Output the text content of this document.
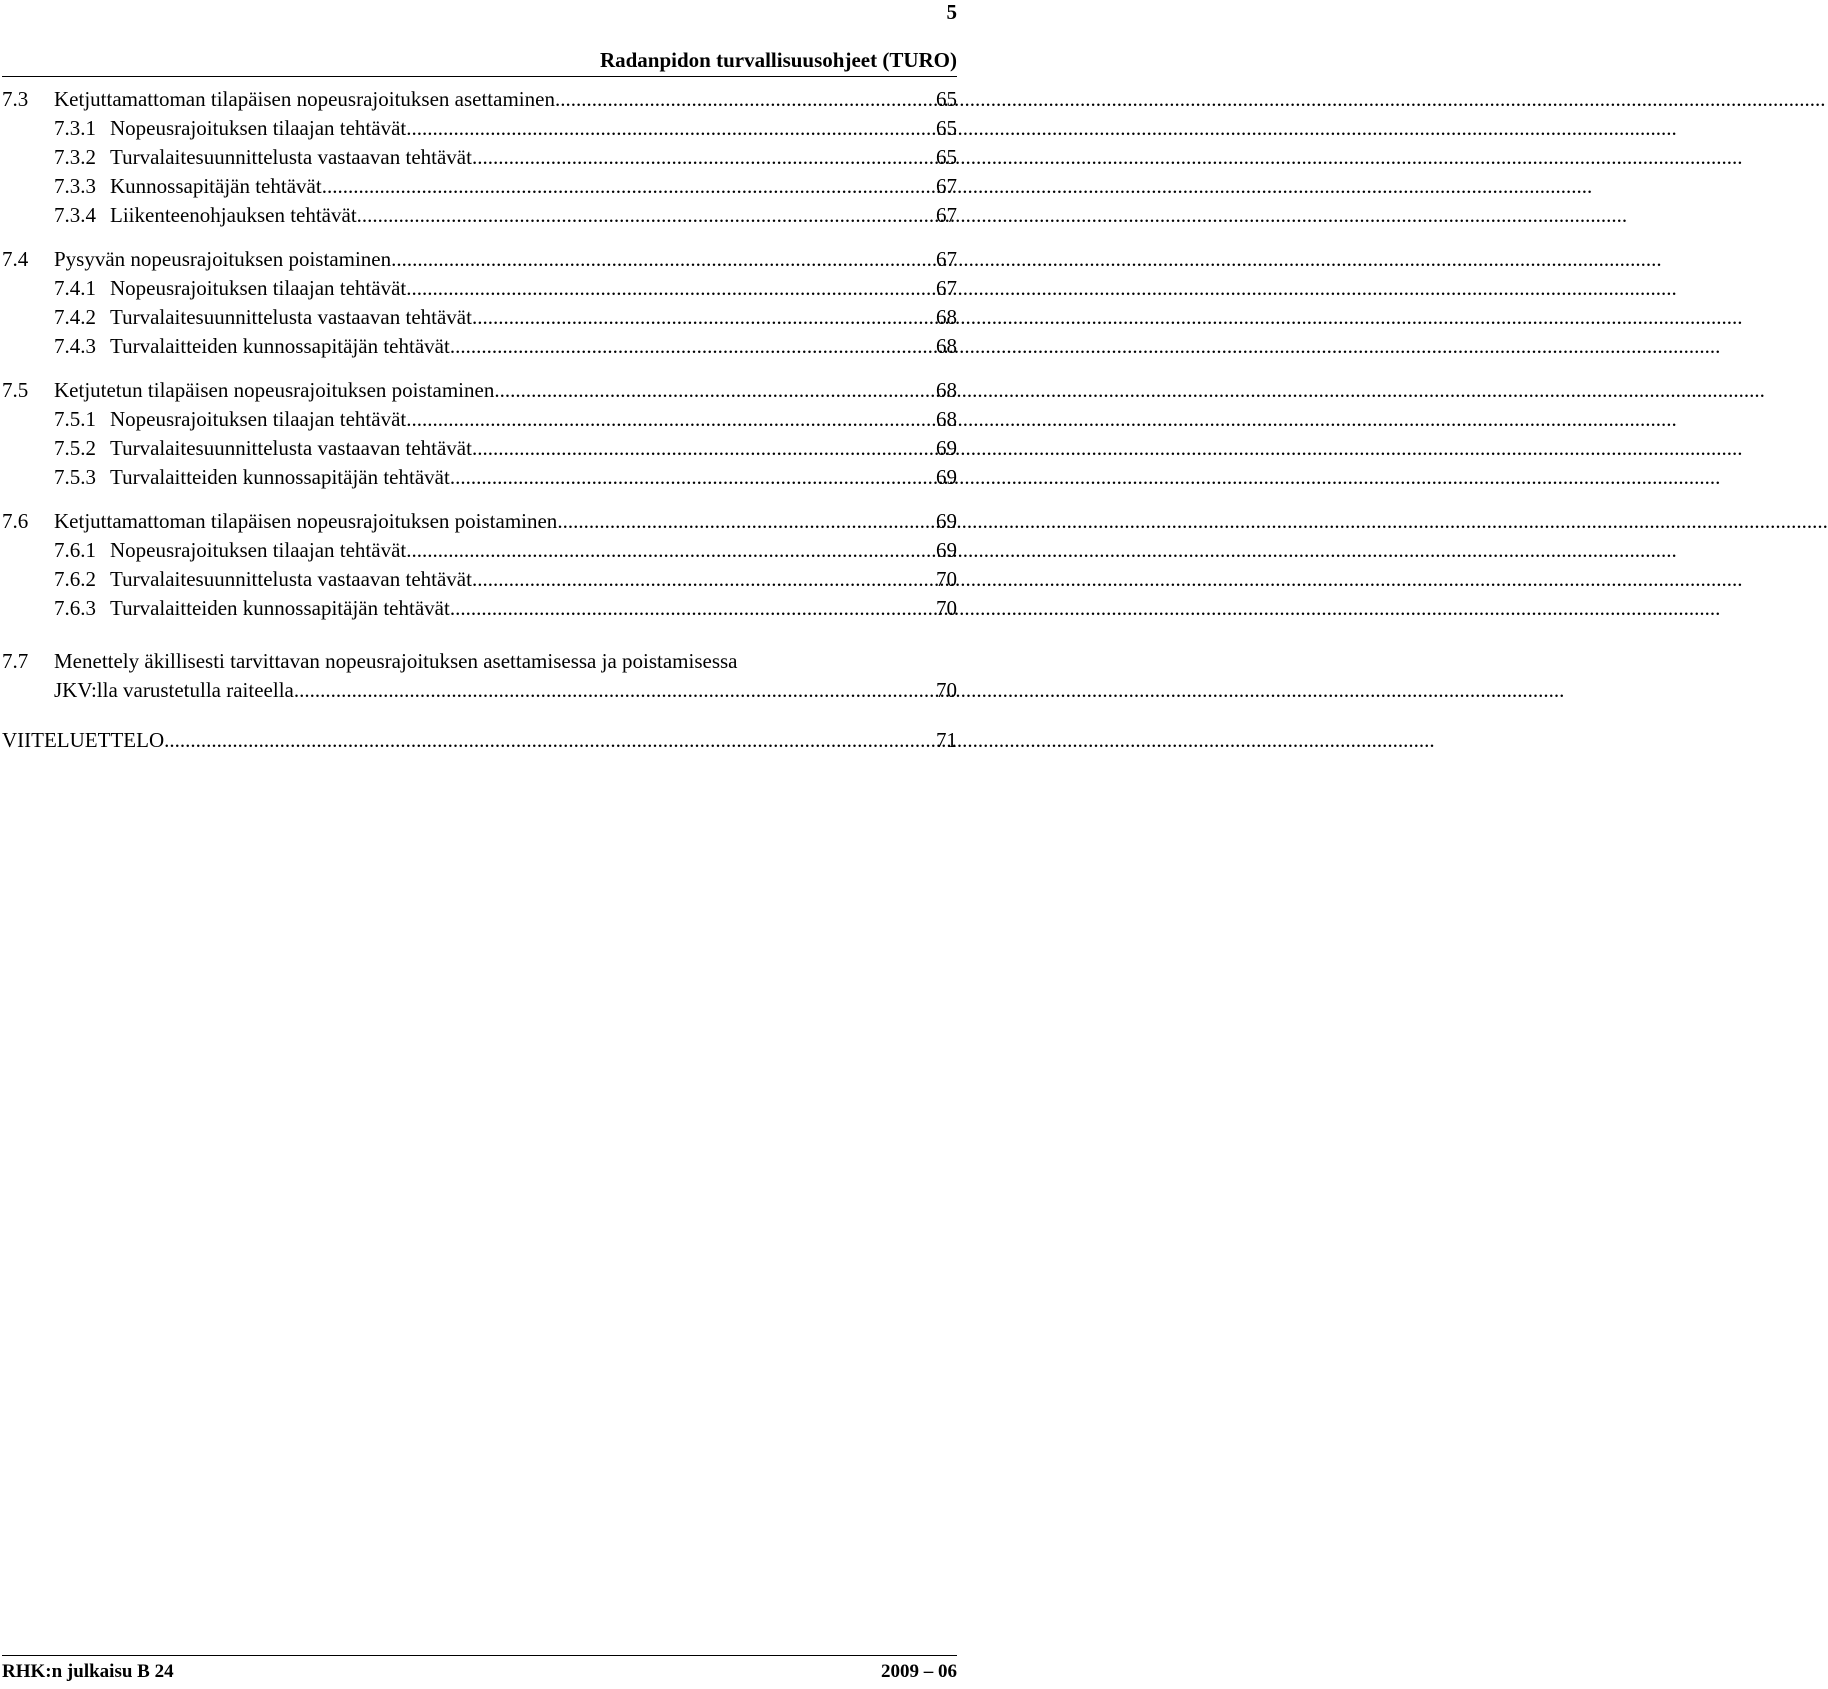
5
Radanpidon turvallisuusohjeet (TURO)
7.3	Ketjuttamattoman tilapäisen nopeusrajoituksen asettaminen .....	65
7.3.1 Nopeusrajoituksen tilaajan tehtävät .....	65
7.3.2 Turvalaitesuunnittelusta vastaavan tehtävät .....	65
7.3.3 Kunnossapitäjän tehtävät .....	67
7.3.4 Liikenteenohjauksen tehtävät .....	67
7.4	Pysyvän nopeusrajoituksen poistaminen .....	67
7.4.1 Nopeusrajoituksen tilaajan tehtävät .....	67
7.4.2 Turvalaitesuunnittelusta vastaavan tehtävät .....	68
7.4.3 Turvalaitteiden kunnossapitäjän tehtävät .....	68
7.5	Ketjutetun tilapäisen nopeusrajoituksen poistaminen .....	68
7.5.1 Nopeusrajoituksen tilaajan tehtävät .....	68
7.5.2 Turvalaitesuunnittelusta vastaavan tehtävät .....	69
7.5.3 Turvalaitteiden kunnossapitäjän tehtävät .....	69
7.6	Ketjuttamattoman tilapäisen nopeusrajoituksen poistaminen .....	69
7.6.1 Nopeusrajoituksen tilaajan tehtävät .....	69
7.6.2 Turvalaitesuunnittelusta vastaavan tehtävät .....	70
7.6.3 Turvalaitteiden kunnossapitäjän tehtävät .....	70
7.7	Menettely äkillisesti tarvittavan nopeusrajoituksen asettamisessa ja poistamisessa
JKV:lla varustetulla raiteella .....	70
VIITELUETTELO .....	71
RHK:n julkaisu B 24	2009 – 06
